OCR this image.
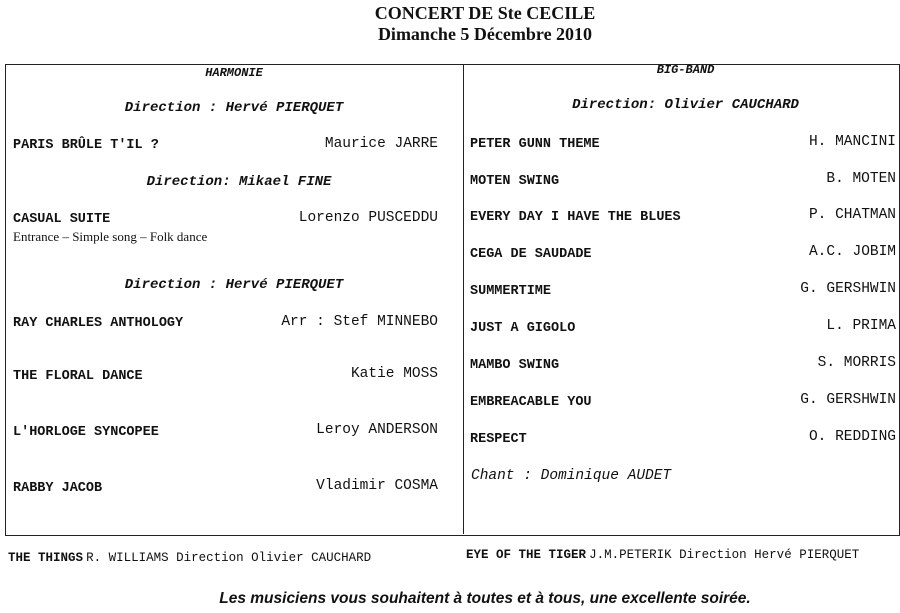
CONCERT DE Ste CECILE
Dimanche 5 Décembre 2010
HARMONIE
Direction : Hervé PIERQUET
PARIS BRÛLE T'IL ?	Maurice JARRE
Direction: Mikael FINE
CASUAL SUITE	Lorenzo PUSCEDDU
Entrance – Simple song – Folk dance
Direction : Hervé PIERQUET
RAY CHARLES ANTHOLOGY	Arr : Stef MINNEBO
THE FLORAL DANCE	Katie MOSS
L'HORLOGE SYNCOPEE	Leroy ANDERSON
RABBY JACOB	Vladimir COSMA
BIG-BAND
Direction: Olivier CAUCHARD
PETER GUNN THEME	H. MANCINI
MOTEN SWING	B. MOTEN
EVERY DAY I HAVE THE BLUES	P. CHATMAN
CEGA DE SAUDADE	A.C. JOBIM
SUMMERTIME	G. GERSHWIN
JUST A GIGOLO	L. PRIMA
MAMBO SWING	S. MORRIS
EMBREACABLE YOU	G. GERSHWIN
RESPECT	O. REDDING
Chant : Dominique AUDET
THE THINGS R. WILLIAMS Direction Olivier CAUCHARD	EYE OF THE TIGER J.M.PETERIK Direction Hervé PIERQUET
Les musiciens vous souhaitent à toutes et à tous, une excellente soirée.
